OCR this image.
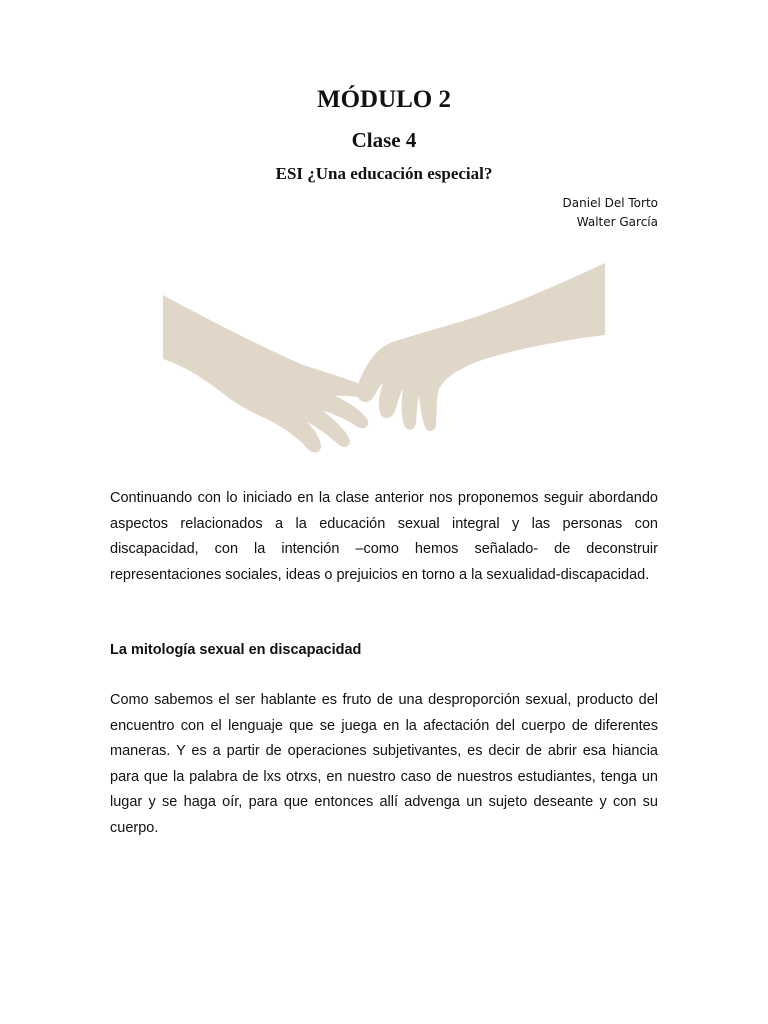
MÓDULO 2
Clase 4
ESI ¿Una educación especial?
Daniel Del Torto
Walter García

Continuando con lo iniciado en la clase anterior nos proponemos seguir abordando aspectos relacionados a la educación sexual integral y las personas con discapacidad, con la intención –como hemos señalado- de deconstruir representaciones sociales, ideas o prejuicios en torno a la sexualidad-discapacidad.

La mitología sexual en discapacidad

Como sabemos el ser hablante es fruto de una desproporción sexual, producto del encuentro con el lenguaje que se juega en la afectación del cuerpo de diferentes maneras. Y es a partir de operaciones subjetivantes, es decir de abrir esa hiancia para que la palabra de lxs otrxs, en nuestro caso de nuestros estudiantes, tenga un lugar y se haga oír, para que entonces allí advenga un sujeto deseante y con su cuerpo.
